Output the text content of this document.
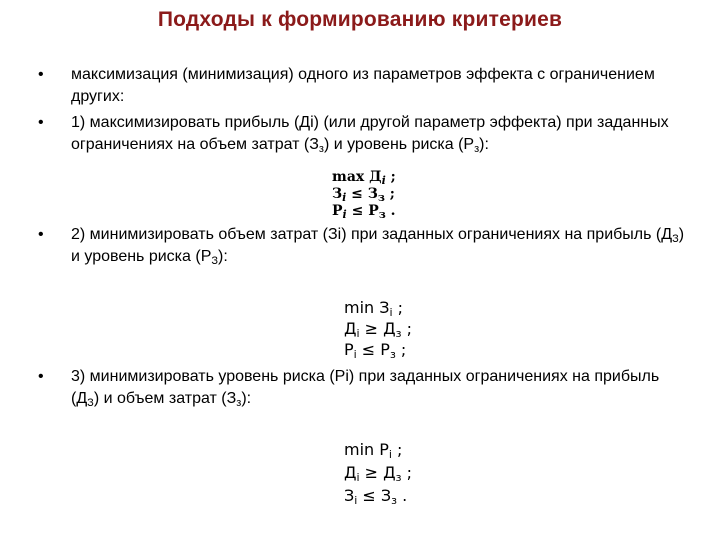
Подходы к формированию критериев
• максимизация (минимизация) одного из параметров эффекта с ограничением других:
• 1) максимизировать прибыль (Дi) (или другой параметр эффекта) при заданных ограничениях на объем затрат $(З_з)$ и уровень риска $(Р_з)$:
$\max Д_i$ ;
$З_i \le З_з$ ;
$Р_i \le Р_з$ .
• 2) минимизировать объем затрат (Зi) при заданных ограничениях на прибыль $(Д_З)$ и уровень риска $(Р_З)$:
$\min З_i$ ;
$Д_i \ge Д_з$ ;
$Р_i \le Р_з$ ;
• 3) минимизировать уровень риска (Рi) при заданных ограничениях на прибыль $(Д_З)$ и объем затрат $(З_з)$:
$\min Р_i$ ;
$Д_i \ge Д_з$ ;
$З_i \le З_з$ .
